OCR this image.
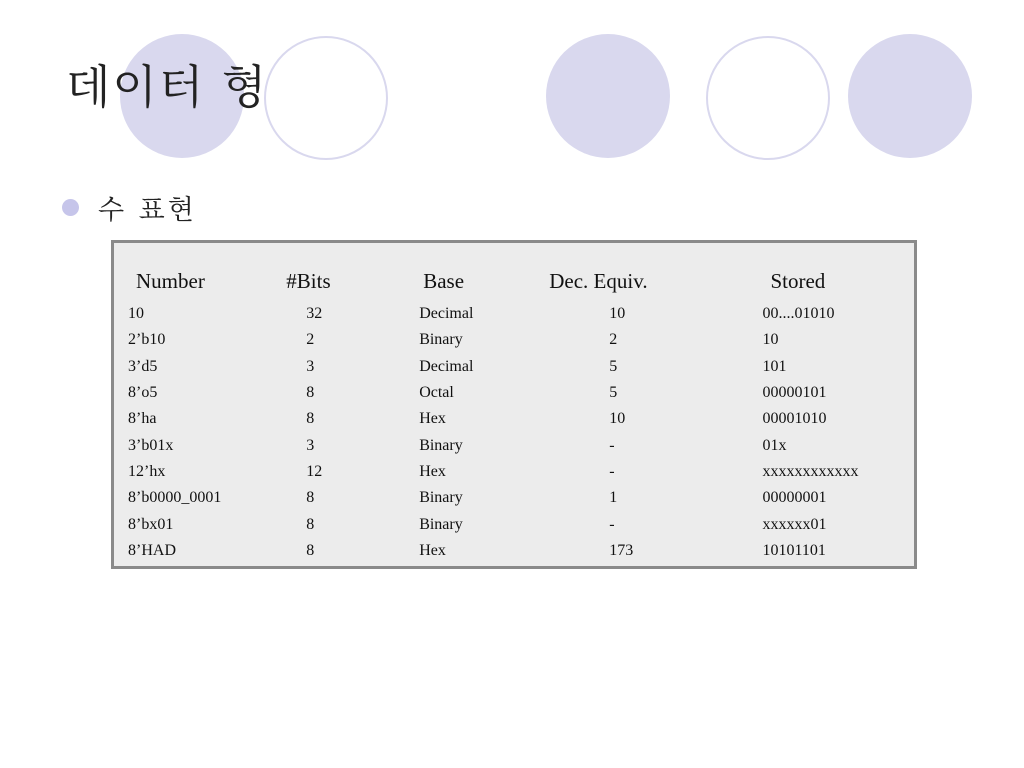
데이터 형
수 표현
Number	#Bits	Base	Dec. Equiv.	Stored
10	32	Decimal	10	00....01010
2’b10	2	Binary	2	10
3’d5	3	Decimal	5	101
8’o5	8	Octal	5	00000101
8’ha	8	Hex	10	00001010
3’b01x	3	Binary	-	01x
12’hx	12	Hex	-	xxxxxxxxxxxx
8’b0000_0001	8	Binary	1	00000001
8’bx01	8	Binary	-	xxxxxx01
8’HAD	8	Hex	173	10101101
